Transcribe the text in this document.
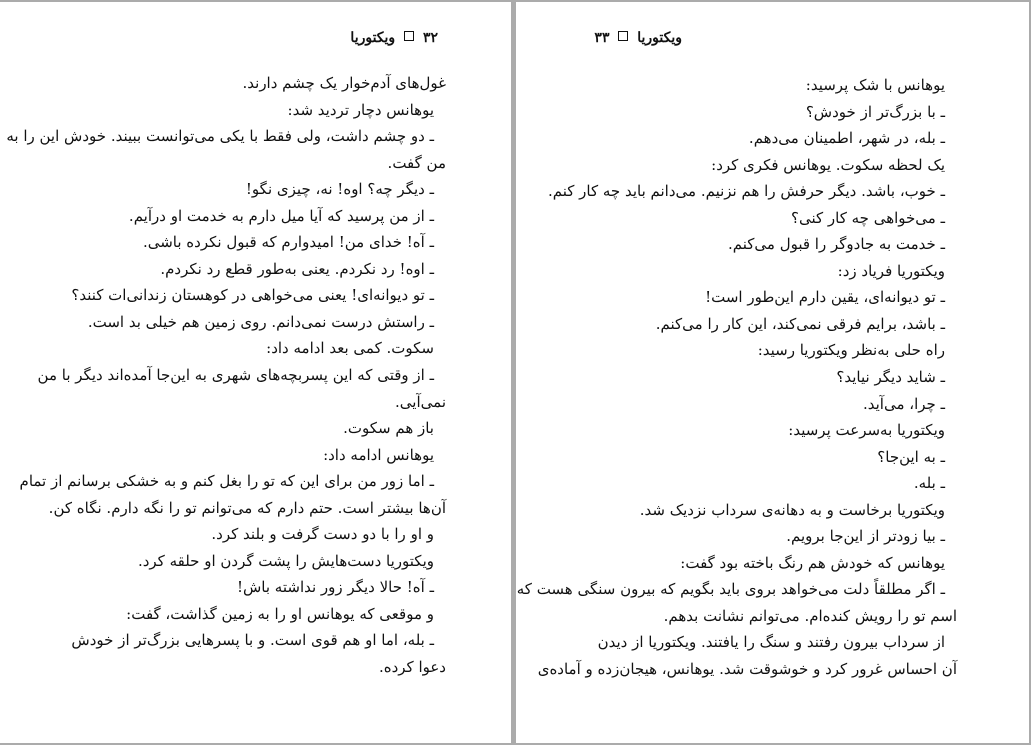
۳۲  ویکتوریا
غول‌های آدم‌خوار یک چشم دارند.
یوهانس دچار تردید شد:
ـ دو چشم داشت، ولی فقط با یکی می‌توانست ببیند. خودش این را به
من گفت.
ـ دیگر چه؟ اوه! نه، چیزی نگو!
ـ از من پرسید که آیا میل دارم به خدمت او درآیم.
ـ آه! خدای من! امیدوارم که قبول نکرده باشی.
ـ اوه! رد نکردم. یعنی به‌طور قطع رد نکردم.
ـ تو دیوانه‌ای! یعنی می‌خواهی در کوهستان زندانی‌ات کنند؟
ـ راستش درست نمی‌دانم. روی زمین هم خیلی بد است.
سکوت. کمی بعد ادامه داد:
ـ از وقتی که این پسربچه‌های شهری به این‌جا آمده‌اند دیگر با من
نمی‌آیی.
باز هم سکوت.
یوهانس ادامه داد:
ـ اما زور من برای این که تو را بغل کنم و به خشکی برسانم از تمام
آن‌ها بیشتر است. حتم دارم که می‌توانم تو را نگه دارم. نگاه کن.
و او را با دو دست گرفت و بلند کرد.
ویکتوریا دست‌هایش را پشت گردن او حلقه کرد.
ـ آه! حالا دیگر زور نداشته باش!
و موقعی که یوهانس او را به زمین گذاشت، گفت:
ـ بله، اما او هم قوی است. و با پسرهایی بزرگ‌تر از خودش
دعوا کرده.
ویکتوریا  ۳۳
یوهانس با شک پرسید:
ـ با بزرگ‌تر از خودش؟
ـ بله، در شهر، اطمینان می‌دهم.
یک لحظه سکوت. یوهانس فکری کرد:
ـ خوب، باشد. دیگر حرفش را هم نزنیم. می‌دانم باید چه کار کنم.
ـ می‌خواهی چه کار کنی؟
ـ خدمت به جادوگر را قبول می‌کنم.
ویکتوریا فریاد زد:
ـ تو دیوانه‌ای، یقین دارم این‌طور است!
ـ باشد، برایم فرقی نمی‌کند، این کار را می‌کنم.
راه حلی به‌نظر ویکتوریا رسید:
ـ شاید دیگر نیاید؟
ـ چرا، می‌آید.
ویکتوریا به‌سرعت پرسید:
ـ به این‌جا؟
ـ بله.
ویکتوریا برخاست و به دهانه‌ی سرداب نزدیک شد.
ـ بیا زودتر از این‌جا برویم.
یوهانس که خودش هم رنگ باخته بود گفت:
ـ اگر مطلقاً دلت می‌خواهد بروی باید بگویم که بیرون سنگی هست که
اسم تو را رویش کنده‌ام. می‌توانم نشانت بدهم.
از سرداب بیرون رفتند و سنگ را یافتند. ویکتوریا از دیدن
آن احساس غرور کرد و خوشوقت شد. یوهانس، هیجان‌زده و آماده‌ی
